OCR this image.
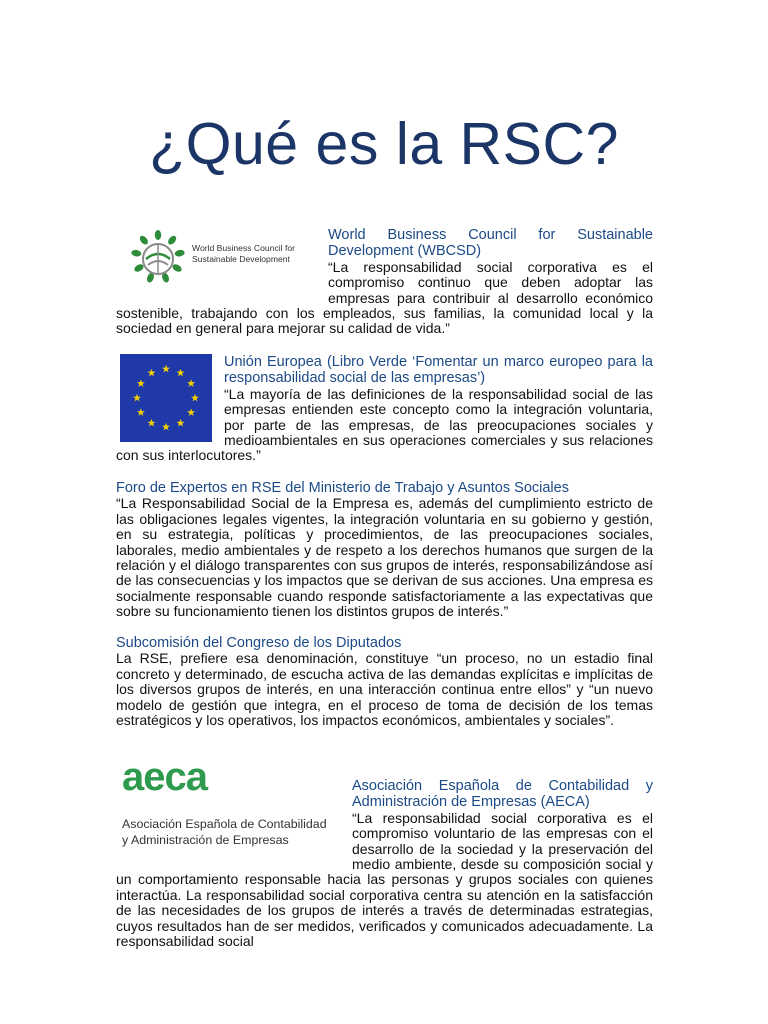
¿Qué es la RSC?
World Business Council for
Sustainable Development

World Business Council for Sustainable Development (WBCSD)
“La responsabilidad social corporativa es el compromiso continuo que deben adoptar las empresas para contribuir al desarrollo económico sostenible, trabajando con los empleados, sus familias, la comunidad local y la sociedad en general para mejorar su calidad de vida.”

Unión Europea (Libro Verde ‘Fomentar un marco europeo para la responsabilidad social de las empresas’)
“La mayoría de las definiciones de la responsabilidad social de las empresas entienden este concepto como la integración voluntaria, por parte de las empresas, de las preocupaciones sociales y medioambientales en sus operaciones comerciales y sus relaciones con sus interlocutores.”

Foro de Expertos en RSE del Ministerio de Trabajo y Asuntos Sociales
“La Responsabilidad Social de la Empresa es, además del cumplimiento estricto de las obligaciones legales vigentes, la integración voluntaria en su gobierno y gestión, en su estrategia, políticas y procedimientos, de las preocupaciones sociales, laborales, medio ambientales y de respeto a los derechos humanos que surgen de la relación y el diálogo transparentes con sus grupos de interés, responsabilizándose así de las consecuencias y los impactos que se derivan de sus acciones. Una empresa es socialmente responsable cuando responde satisfactoriamente a las expectativas que sobre su funcionamiento tienen los distintos grupos de interés.”

Subcomisión del Congreso de los Diputados
La RSE, prefiere esa denominación, constituye “un proceso, no un estadio final concreto y determinado, de escucha activa de las demandas explícitas e implícitas de los diversos grupos de interés, en una interacción continua entre ellos” y “un nuevo modelo de gestión que integra, en el proceso de toma de decisión de los temas estratégicos y los operativos, los impactos económicos, ambientales y sociales”.

aeca
Asociación Española de Contabilidad
y Administración de Empresas

Asociación Española de Contabilidad y Administración de Empresas (AECA)
“La responsabilidad social corporativa es el compromiso voluntario de las empresas con el desarrollo de la sociedad y la preservación del medio ambiente, desde su composición social y un comportamiento responsable hacia las personas y grupos sociales con quienes interactúa. La responsabilidad social corporativa centra su atención en la satisfacción de las necesidades de los grupos de interés a través de determinadas estrategias, cuyos resultados han de ser medidos, verificados y comunicados adecuadamente. La responsabilidad social
